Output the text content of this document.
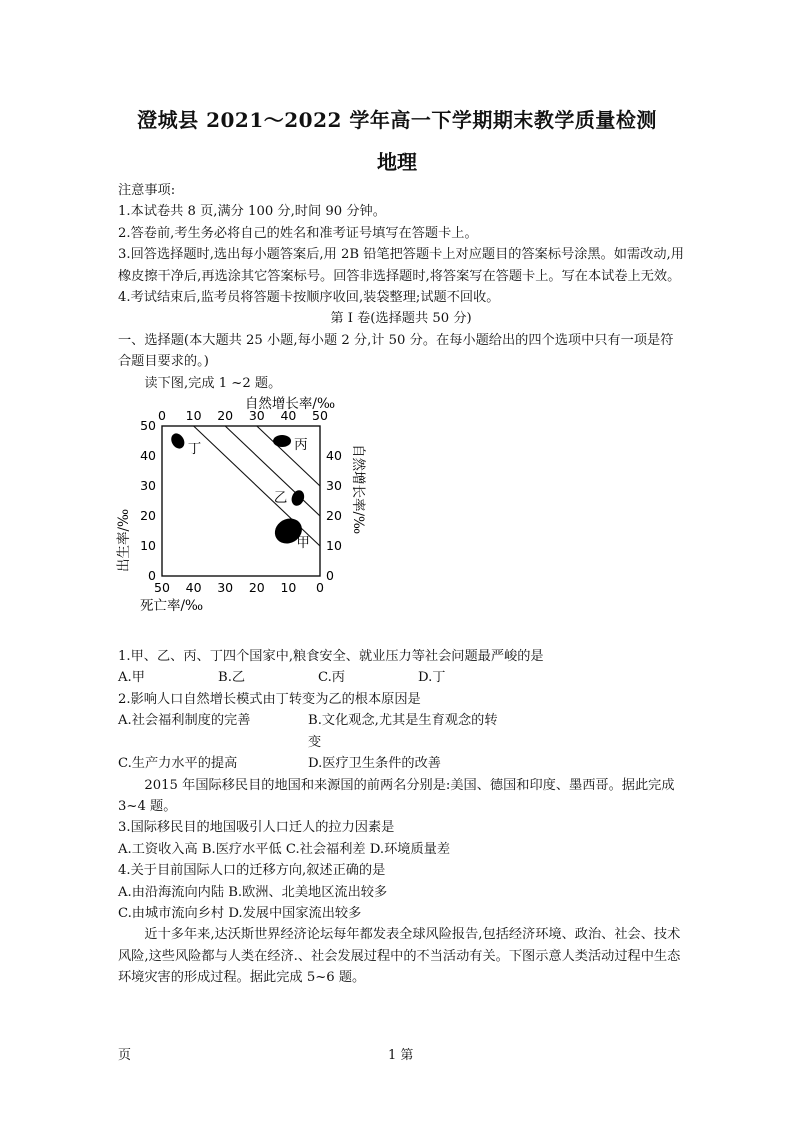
澄城县 2021～2022 学年高一下学期期末教学质量检测
地理

注意事项:

1.本试卷共 8 页,满分 100 分,时间 90 分钟。

2.答卷前,考生务必将自己的姓名和准考证号填写在答题卡上。

3.回答选择题时,选出每小题答案后,用 2B 铅笔把答题卡上对应题目的答案标号涂黑。如需改动,用橡皮擦干净后,再选涂其它答案标号。回答非选择题时,将答案写在答题卡上。写在本试卷上无效。

4.考试结束后,监考员将答题卡按顺序收回,装袋整理;试题不回收。

第 I 卷(选择题共 50 分)

一、选择题(本大题共 25 小题,每小题 2 分,计 50 分。在每小题给出的四个选项中只有一项是符合题目要求的。)

读下图,完成 1 ~2 题。

0 10 20 30 40 50
50
40
30
20
10
0
40
30
20
10
0
50 40 30 20 10 0
自然增长率/‰
出生率/‰
自然增长率/‰
死亡率/‰
丁	丙
乙
甲

1.甲、乙、丙、丁四个国家中,粮食安全、就业压力等社会问题最严峻的是

A.甲	B.乙	C.丙	D.丁

2.影响人口自然增长模式由丁转变为乙的根本原因是

A.社会福利制度的完善	B.文化观念,尤其是生育观念的转变
C.生产力水平的提高	D.医疗卫生条件的改善

2015 年国际移民目的地国和来源国的前两名分别是:美国、德国和印度、墨西哥。据此完成 3~4 题。

3.国际移民目的地国吸引人口迁人的拉力因素是

A.工资收入高 B.医疗水平低 C.社会福利差 D.环境质量差

4.关于目前国际人口的迁移方向,叙述正确的是

A.由沿海流向内陆 B.欧洲、北美地区流出较多

C.由城市流向乡村 D.发展中国家流出较多

近十多年来,达沃斯世界经济论坛每年都发表全球风险报告,包括经济环境、政治、社会、技术风险,这些风险都与人类在经济.、社会发展过程中的不当活动有关。下图示意人类活动过程中生态环境灾害的形成过程。据此完成 5~6 题。

页	1 第
